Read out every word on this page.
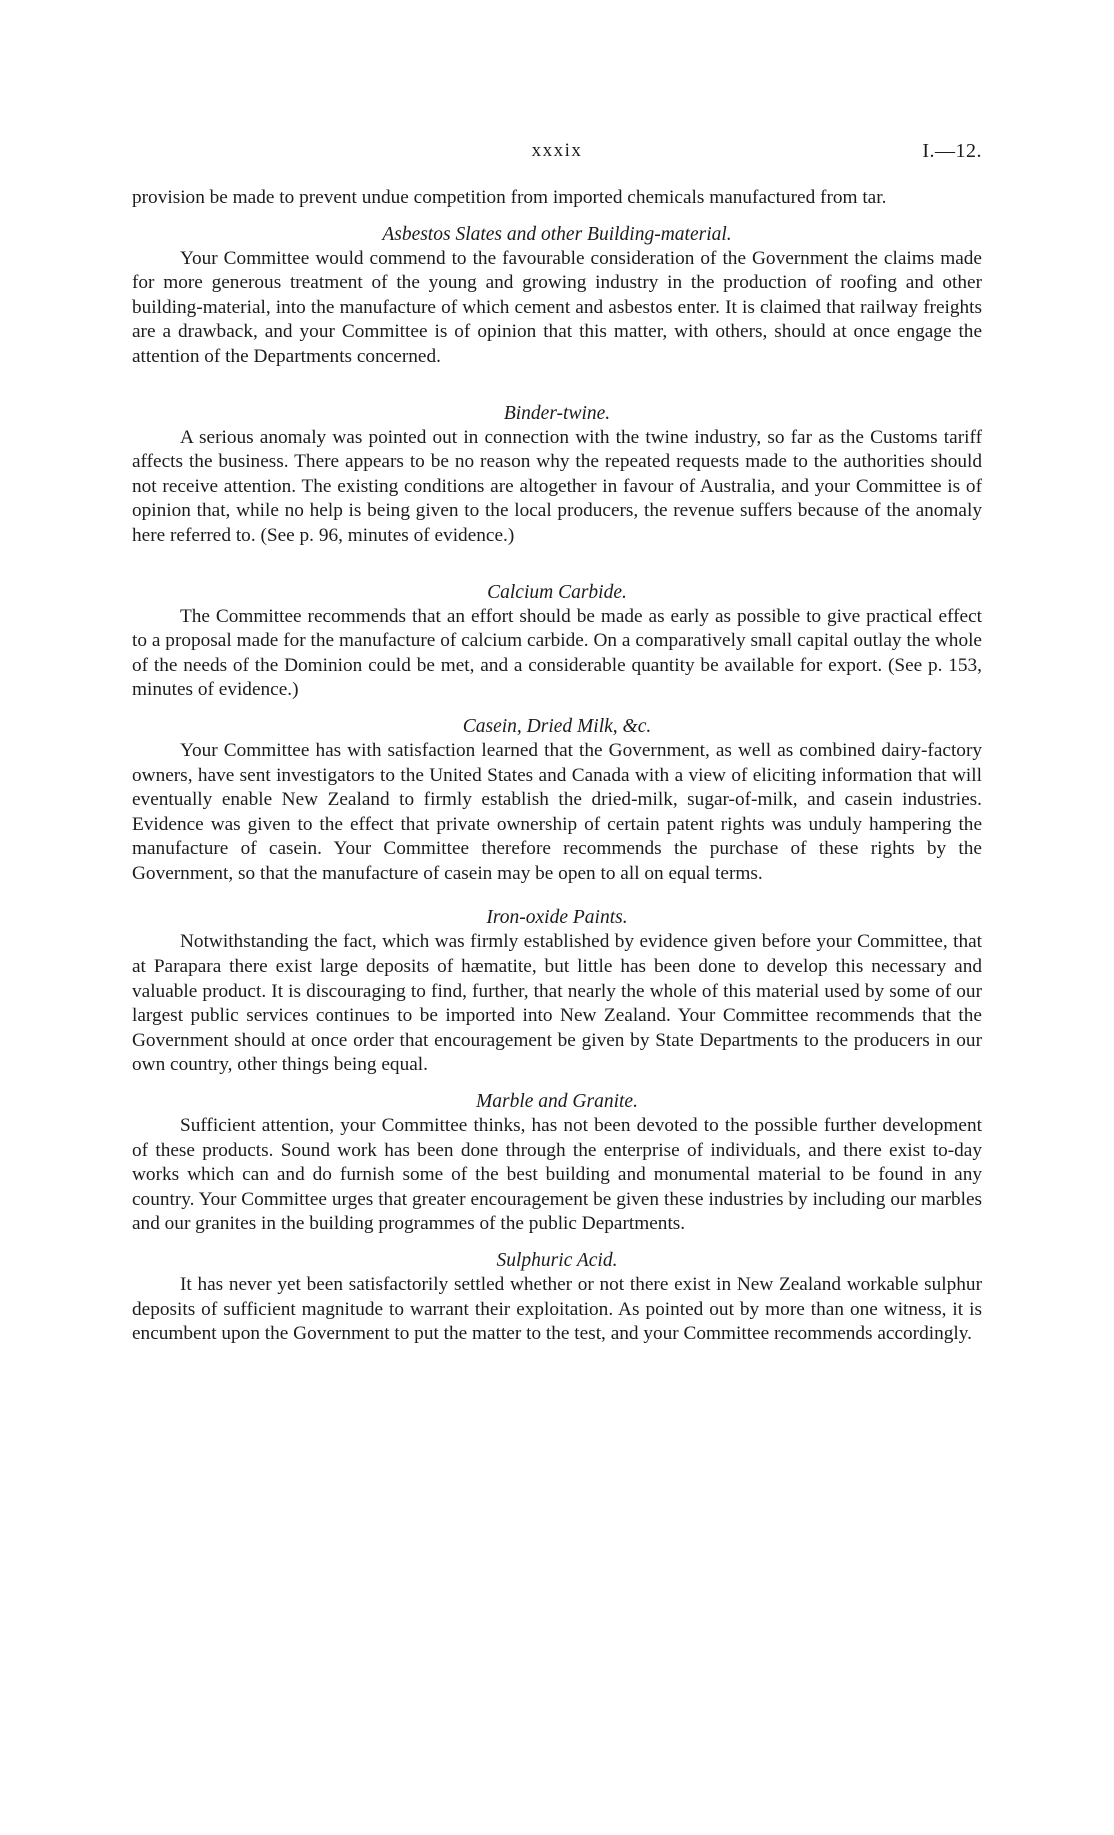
xxxix	I.—12.

provision be made to prevent undue competition from imported chemicals manufactured from tar.

Asbestos Slates and other Building-material.

Your Committee would commend to the favourable consideration of the Government the claims made for more generous treatment of the young and growing industry in the production of roofing and other building-material, into the manufacture of which cement and asbestos enter. It is claimed that railway freights are a drawback, and your Committee is of opinion that this matter, with others, should at once engage the attention of the Departments concerned.

Binder-twine.

A serious anomaly was pointed out in connection with the twine industry, so far as the Customs tariff affects the business. There appears to be no reason why the repeated requests made to the authorities should not receive attention. The existing conditions are altogether in favour of Australia, and your Committee is of opinion that, while no help is being given to the local producers, the revenue suffers because of the anomaly here referred to. (See p. 96, minutes of evidence.)

Calcium Carbide.

The Committee recommends that an effort should be made as early as possible to give practical effect to a proposal made for the manufacture of calcium carbide. On a comparatively small capital outlay the whole of the needs of the Dominion could be met, and a considerable quantity be available for export. (See p. 153, minutes of evidence.)

Casein, Dried Milk, &c.

Your Committee has with satisfaction learned that the Government, as well as combined dairy-factory owners, have sent investigators to the United States and Canada with a view of eliciting information that will eventually enable New Zealand to firmly establish the dried-milk, sugar-of-milk, and casein industries. Evidence was given to the effect that private ownership of certain patent rights was unduly hampering the manufacture of casein. Your Committee therefore recommends the purchase of these rights by the Government, so that the manufacture of casein may be open to all on equal terms.

Iron-oxide Paints.

Notwithstanding the fact, which was firmly established by evidence given before your Committee, that at Parapara there exist large deposits of hæmatite, but little has been done to develop this necessary and valuable product. It is discouraging to find, further, that nearly the whole of this material used by some of our largest public services continues to be imported into New Zealand. Your Committee recommends that the Government should at once order that encouragement be given by State Departments to the producers in our own country, other things being equal.

Marble and Granite.

Sufficient attention, your Committee thinks, has not been devoted to the possible further development of these products. Sound work has been done through the enterprise of individuals, and there exist to-day works which can and do furnish some of the best building and monumental material to be found in any country. Your Committee urges that greater encouragement be given these industries by including our marbles and our granites in the building programmes of the public Departments.

Sulphuric Acid.

It has never yet been satisfactorily settled whether or not there exist in New Zealand workable sulphur deposits of sufficient magnitude to warrant their exploitation. As pointed out by more than one witness, it is encumbent upon the Government to put the matter to the test, and your Committee recommends accordingly.
